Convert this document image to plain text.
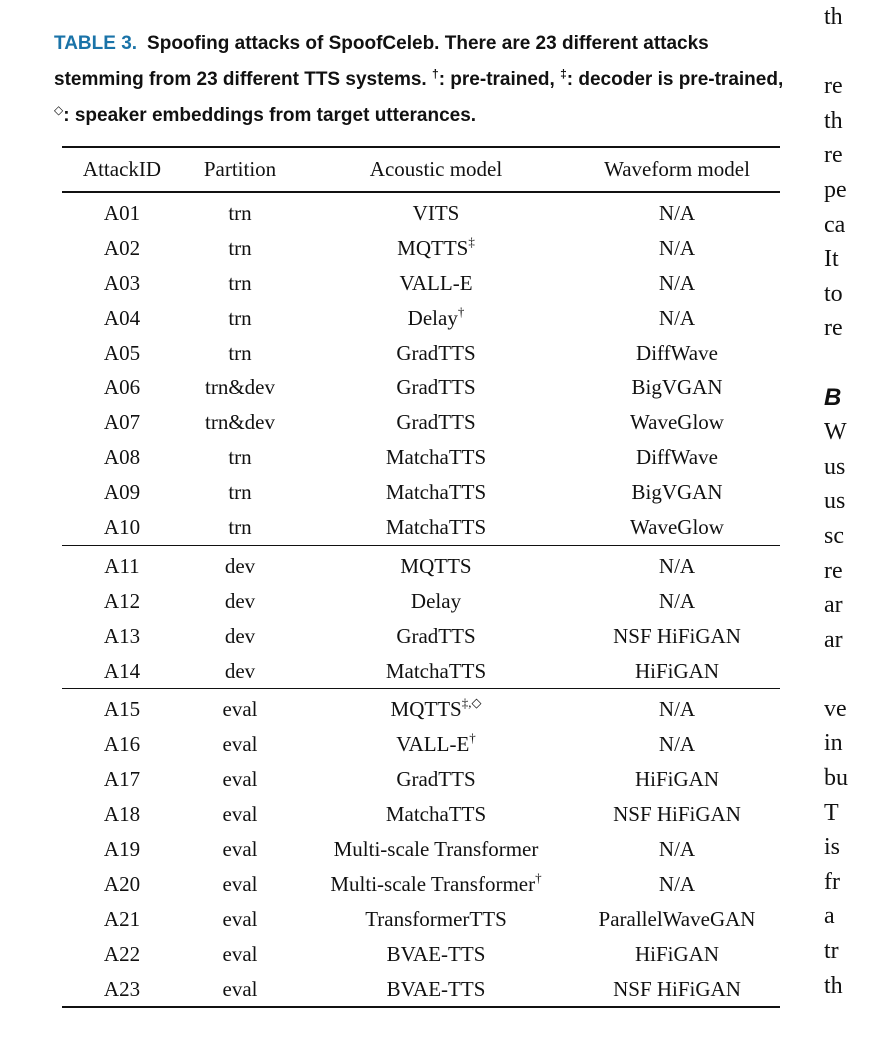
TABLE 3. Spoofing attacks of SpoofCeleb. There are 23 different attacks stemming from 23 different TTS systems. †: pre-trained, ‡: decoder is pre-trained, ◇: speaker embeddings from target utterances.
AttackID	Partition	Acoustic model	Waveform model
A01	trn	VITS	N/A
A02	trn	MQTTS‡	N/A
A03	trn	VALL-E	N/A
A04	trn	Delay†	N/A
A05	trn	GradTTS	DiffWave
A06	trn&dev	GradTTS	BigVGAN
A07	trn&dev	GradTTS	WaveGlow
A08	trn	MatchaTTS	DiffWave
A09	trn	MatchaTTS	BigVGAN
A10	trn	MatchaTTS	WaveGlow
A11	dev	MQTTS	N/A
A12	dev	Delay	N/A
A13	dev	GradTTS	NSF HiFiGAN
A14	dev	MatchaTTS	HiFiGAN
A15	eval	MQTTS‡,◇	N/A
A16	eval	VALL-E†	N/A
A17	eval	GradTTS	HiFiGAN
A18	eval	MatchaTTS	NSF HiFiGAN
A19	eval	Multi-scale Transformer	N/A
A20	eval	Multi-scale Transformer†	N/A
A21	eval	TransformerTTS	ParallelWaveGAN
A22	eval	BVAE-TTS	HiFiGAN
A23	eval	BVAE-TTS	NSF HiFiGAN
th
re
th
re
pe
ca
It
to
re
B
W
us
us
sc
re
ar
ar
ve
in
bu
T
is
fr
a
tr
th
